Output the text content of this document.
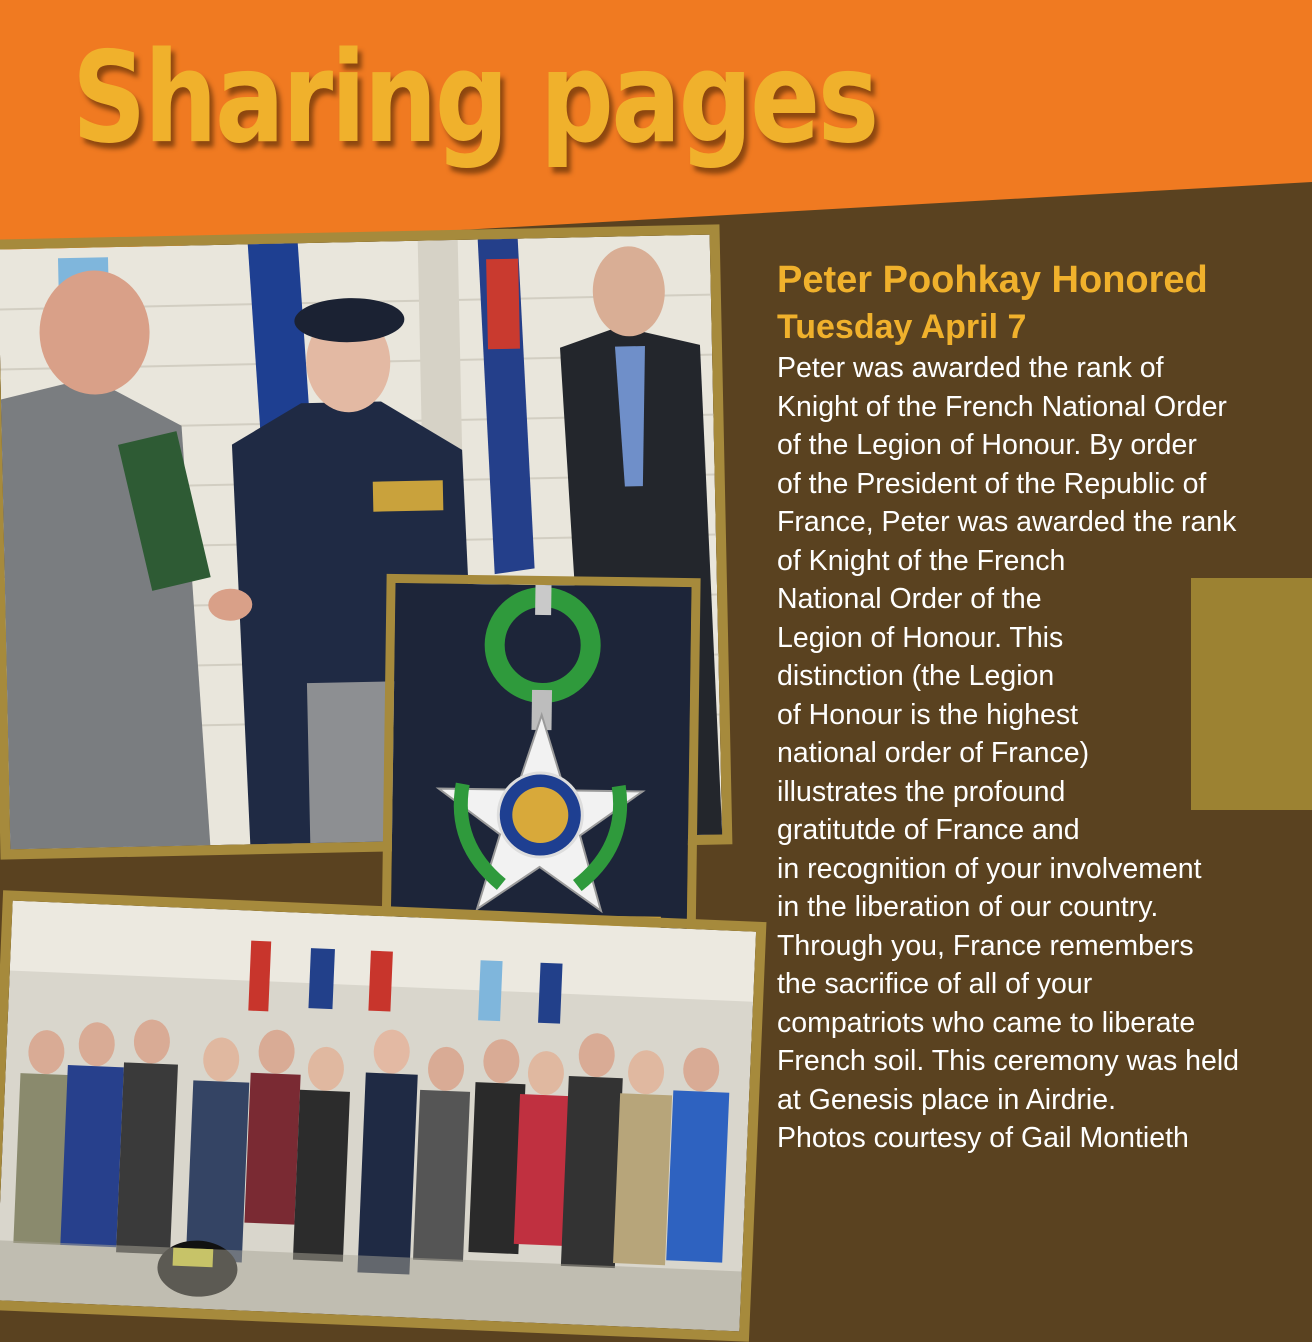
Sharing pages
Peter Poohkay Honored
Tuesday April 7
Peter was awarded the rank of
Knight of the French National Order
of the Legion of Honour. By order
of the President of the Republic of
France, Peter was awarded the rank
of Knight of the French
National Order of the
Legion of Honour. This
distinction (the Legion
of Honour is the highest
national order of France)
illustrates the profound
gratitutde of France and
in recognition of your involvement
in the liberation of our country.
Through you, France remembers
the sacrifice of all of your
compatriots who came to liberate
French soil. This ceremony was held
at Genesis place in Airdrie.
Photos courtesy of Gail Montieth
